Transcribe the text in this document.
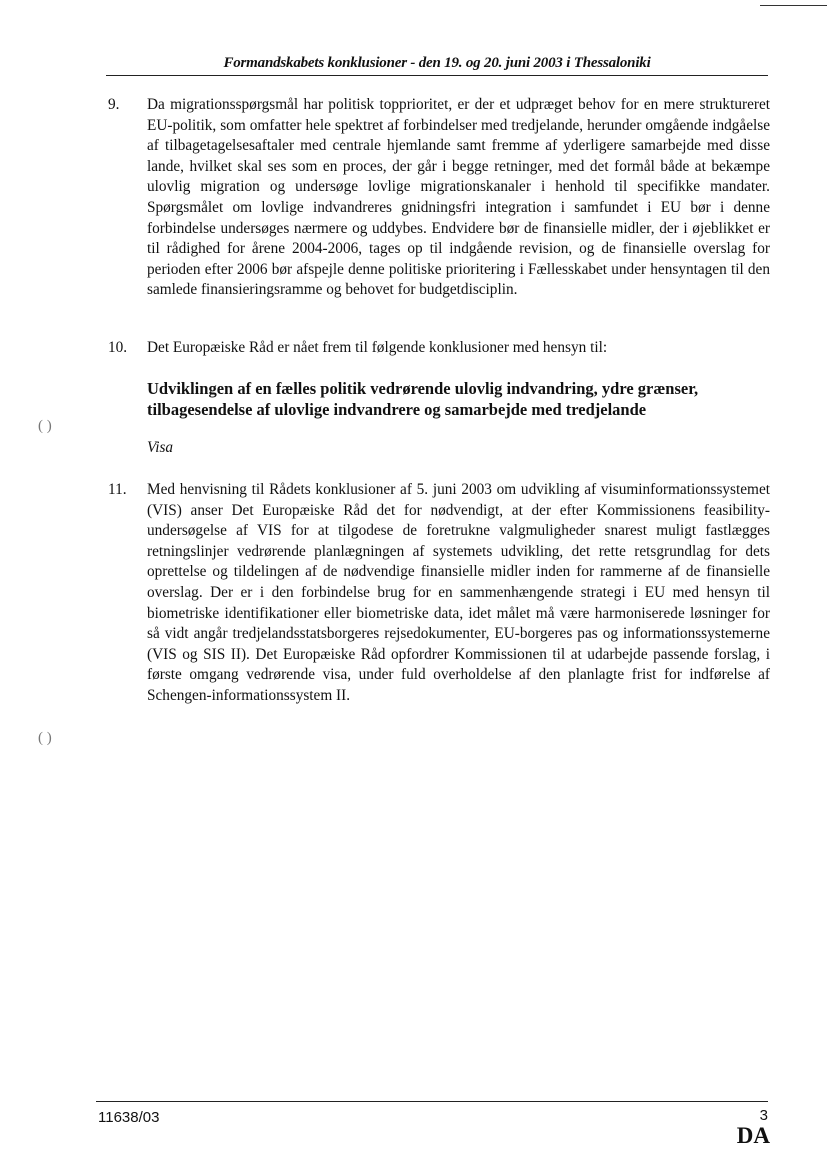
Formandskabets konklusioner - den 19. og 20. juni 2003 i Thessaloniki
9.	Da migrationsspørgsmål har politisk topprioritet, er der et udpræget behov for en mere struktureret EU-politik, som omfatter hele spektret af forbindelser med tredjelande, herunder omgående indgåelse af tilbagetagelsesaftaler med centrale hjemlande samt fremme af yderligere samarbejde med disse lande, hvilket skal ses som en proces, der går i begge retninger, med det formål både at bekæmpe ulovlig migration og undersøge lovlige migrationskanaler i henhold til specifikke mandater. Spørgsmålet om lovlige indvandreres gnidningsfri integration i samfundet i EU bør i denne forbindelse undersøges nærmere og uddybes. Endvidere bør de finansielle midler, der i øjeblikket er til rådighed for årene 2004-2006, tages op til indgående revision, og de finansielle overslag for perioden efter 2006 bør afspejle denne politiske prioritering i Fællesskabet under hensyntagen til den samlede finansieringsramme og behovet for budgetdisciplin.
10.	Det Europæiske Råd er nået frem til følgende konklusioner med hensyn til:
Udviklingen af en fælles politik vedrørende ulovlig indvandring, ydre grænser, tilbagesendelse af ulovlige indvandrere og samarbejde med tredjelande
Visa
11.	Med henvisning til Rådets konklusioner af 5. juni 2003 om udvikling af visuminformationssystemet (VIS) anser Det Europæiske Råd det for nødvendigt, at der efter Kommissionens feasibility-undersøgelse af VIS for at tilgodese de foretrukne valgmuligheder snarest muligt fastlægges retningslinjer vedrørende planlægningen af systemets udvikling, det rette retsgrundlag for dets oprettelse og tildelingen af de nødvendige finansielle midler inden for rammerne af de finansielle overslag. Der er i den forbindelse brug for en sammenhængende strategi i EU med hensyn til biometriske identifikationer eller biometriske data, idet målet må være harmoniserede løsninger for så vidt angår tredjelandsstatsborgeres rejsedokumenter, EU-borgeres pas og informationssystemerne (VIS og SIS II). Det Europæiske Råd opfordrer Kommissionen til at udarbejde passende forslag, i første omgang vedrørende visa, under fuld overholdelse af den planlagte frist for indførelse af Schengen-informationssystem II.
( )
( )
11638/03	3
DA
